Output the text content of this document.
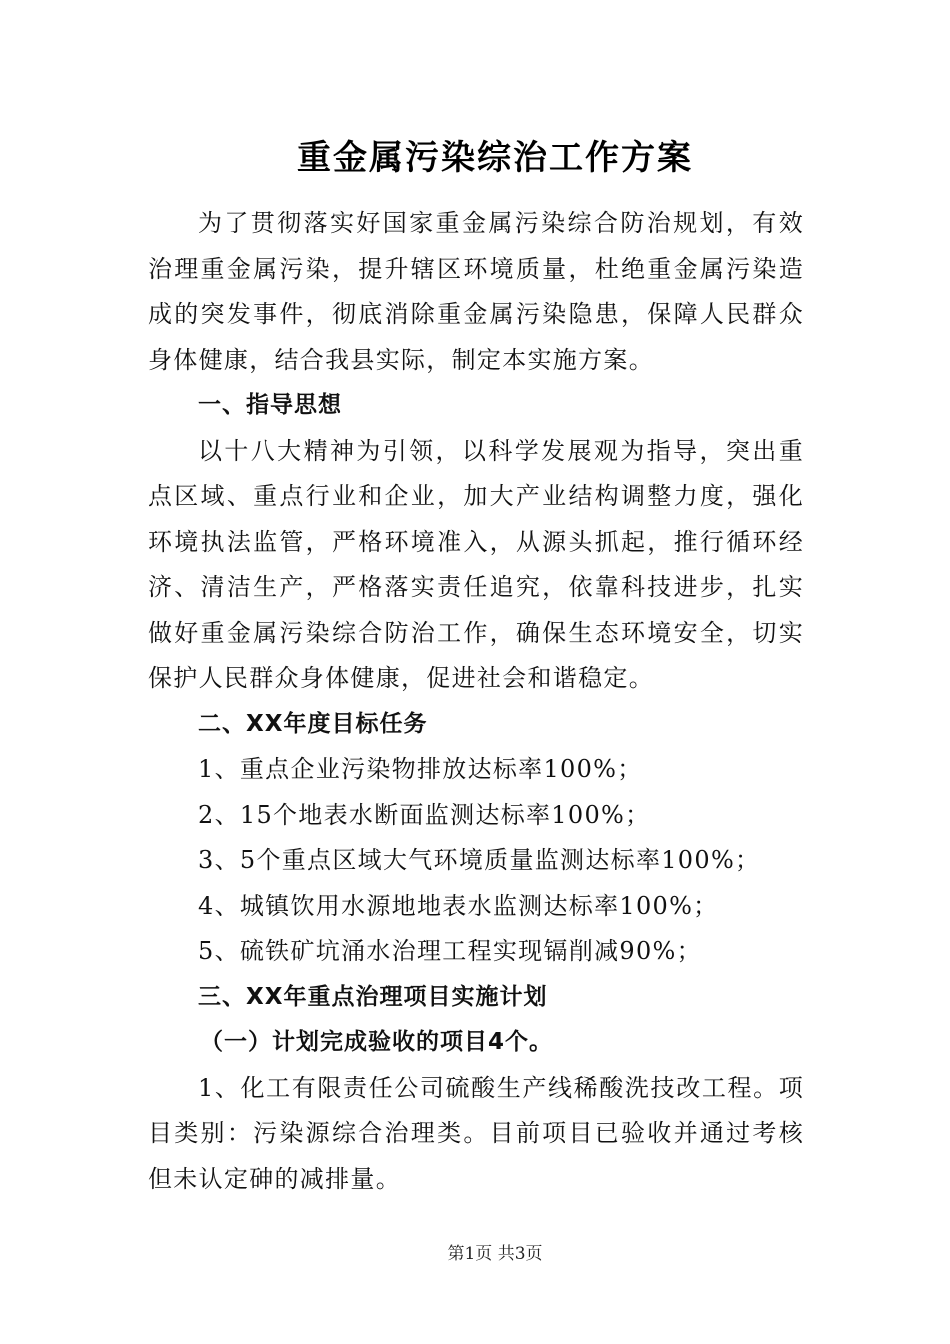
重金属污染综治工作方案

为了贯彻落实好国家重金属污染综合防治规划，有效治理重金属污染，提升辖区环境质量，杜绝重金属污染造成的突发事件，彻底消除重金属污染隐患，保障人民群众身体健康，结合我县实际，制定本实施方案。

一、指导思想

以十八大精神为引领，以科学发展观为指导，突出重点区域、重点行业和企业，加大产业结构调整力度，强化环境执法监管，严格环境准入，从源头抓起，推行循环经济、清洁生产，严格落实责任追究，依靠科技进步，扎实做好重金属污染综合防治工作，确保生态环境安全，切实保护人民群众身体健康，促进社会和谐稳定。

二、XX年度目标任务

1、重点企业污染物排放达标率100%；

2、15个地表水断面监测达标率100%；

3、5个重点区域大气环境质量监测达标率100%；

4、城镇饮用水源地地表水监测达标率100%；

5、硫铁矿坑涌水治理工程实现镉削减90%；

三、XX年重点治理项目实施计划

（一）计划完成验收的项目4个。

1、化工有限责任公司硫酸生产线稀酸洗技改工程。项目类别：污染源综合治理类。目前项目已验收并通过考核但未认定砷的减排量。

第1页 共3页
